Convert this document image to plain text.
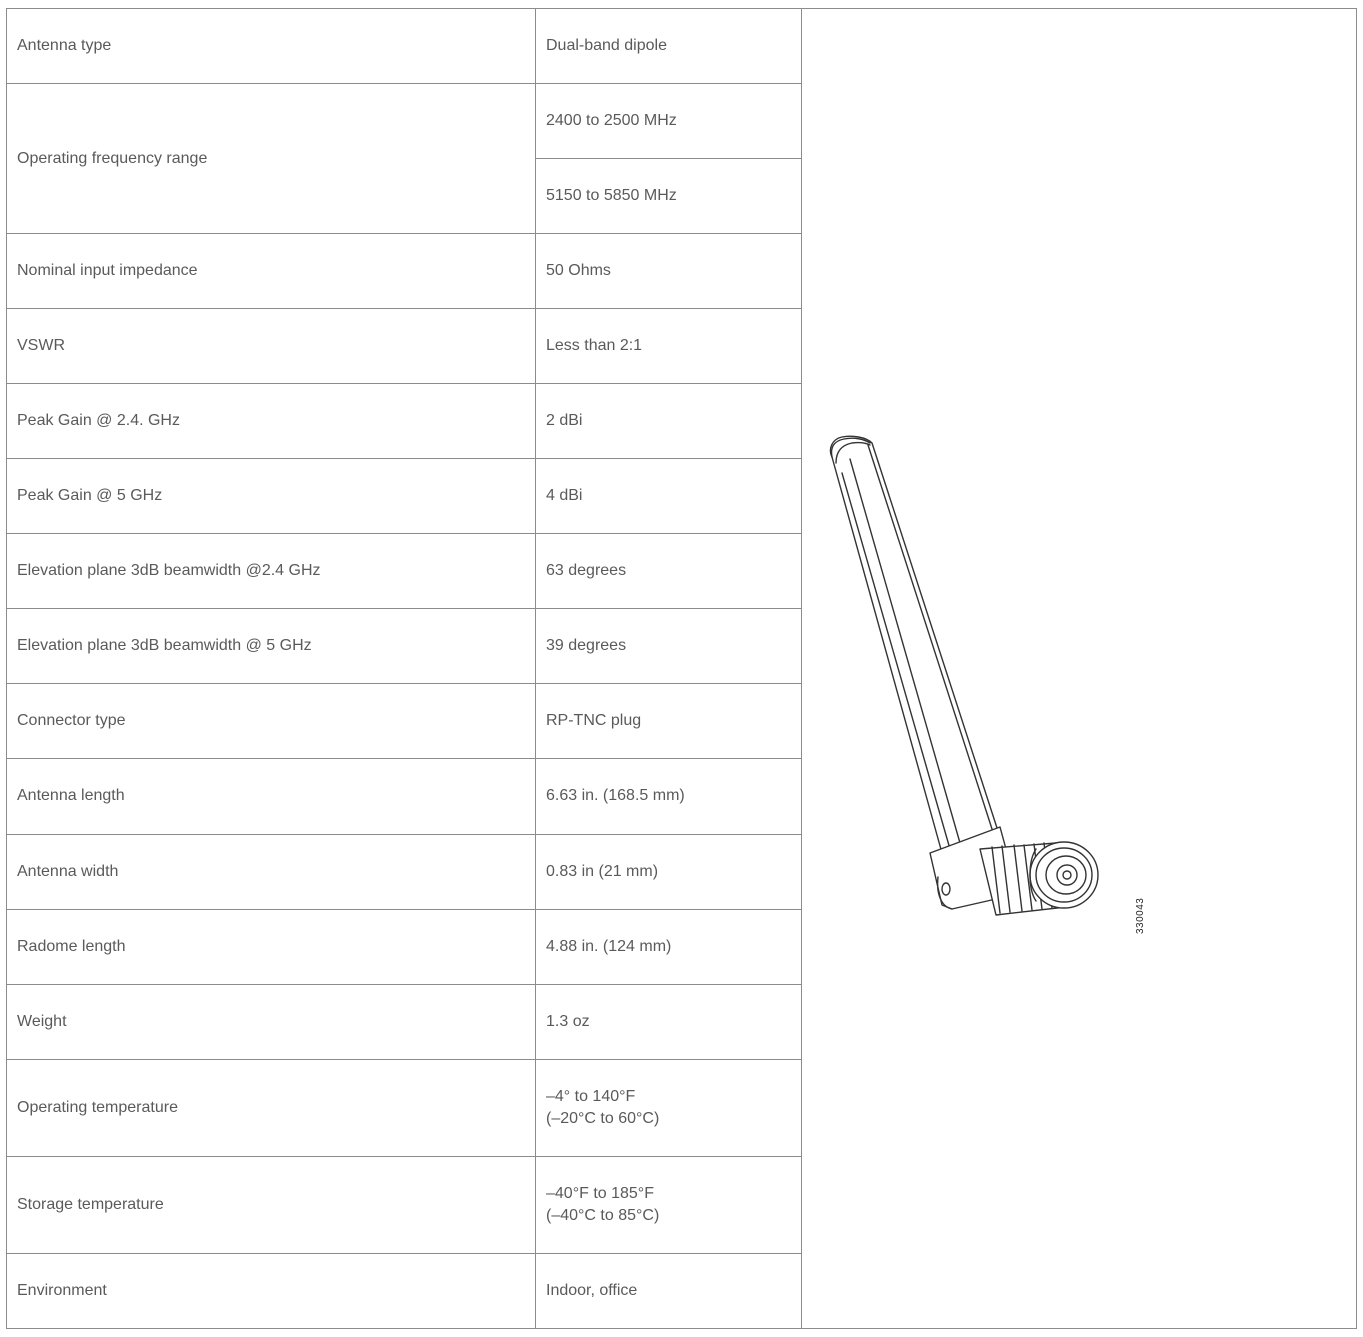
Antenna type	Dual-band dipole	330043

Operating frequency range	2400 to 2500 MHz	
	5150 to 5850 MHz	
Nominal input impedance	50 Ohms	
VSWR	Less than 2:1	
Peak Gain @ 2.4. GHz	2 dBi	
Peak Gain @ 5 GHz	4 dBi	
Elevation plane 3dB beamwidth @2.4 GHz	63 degrees	
Elevation plane 3dB beamwidth @ 5 GHz	39 degrees	
Connector type	RP-TNC plug	
Antenna length	6.63 in. (168.5 mm)	
Antenna width	0.83 in (21 mm)	
Radome length	4.88 in. (124 mm)	
Weight	1.3 oz	
Operating temperature	–4° to 140°F
(–20°C to 60°C)	

Storage temperature	–40°F to 185°F
(–40°C to 85°C)	

Environment	Indoor, office	
